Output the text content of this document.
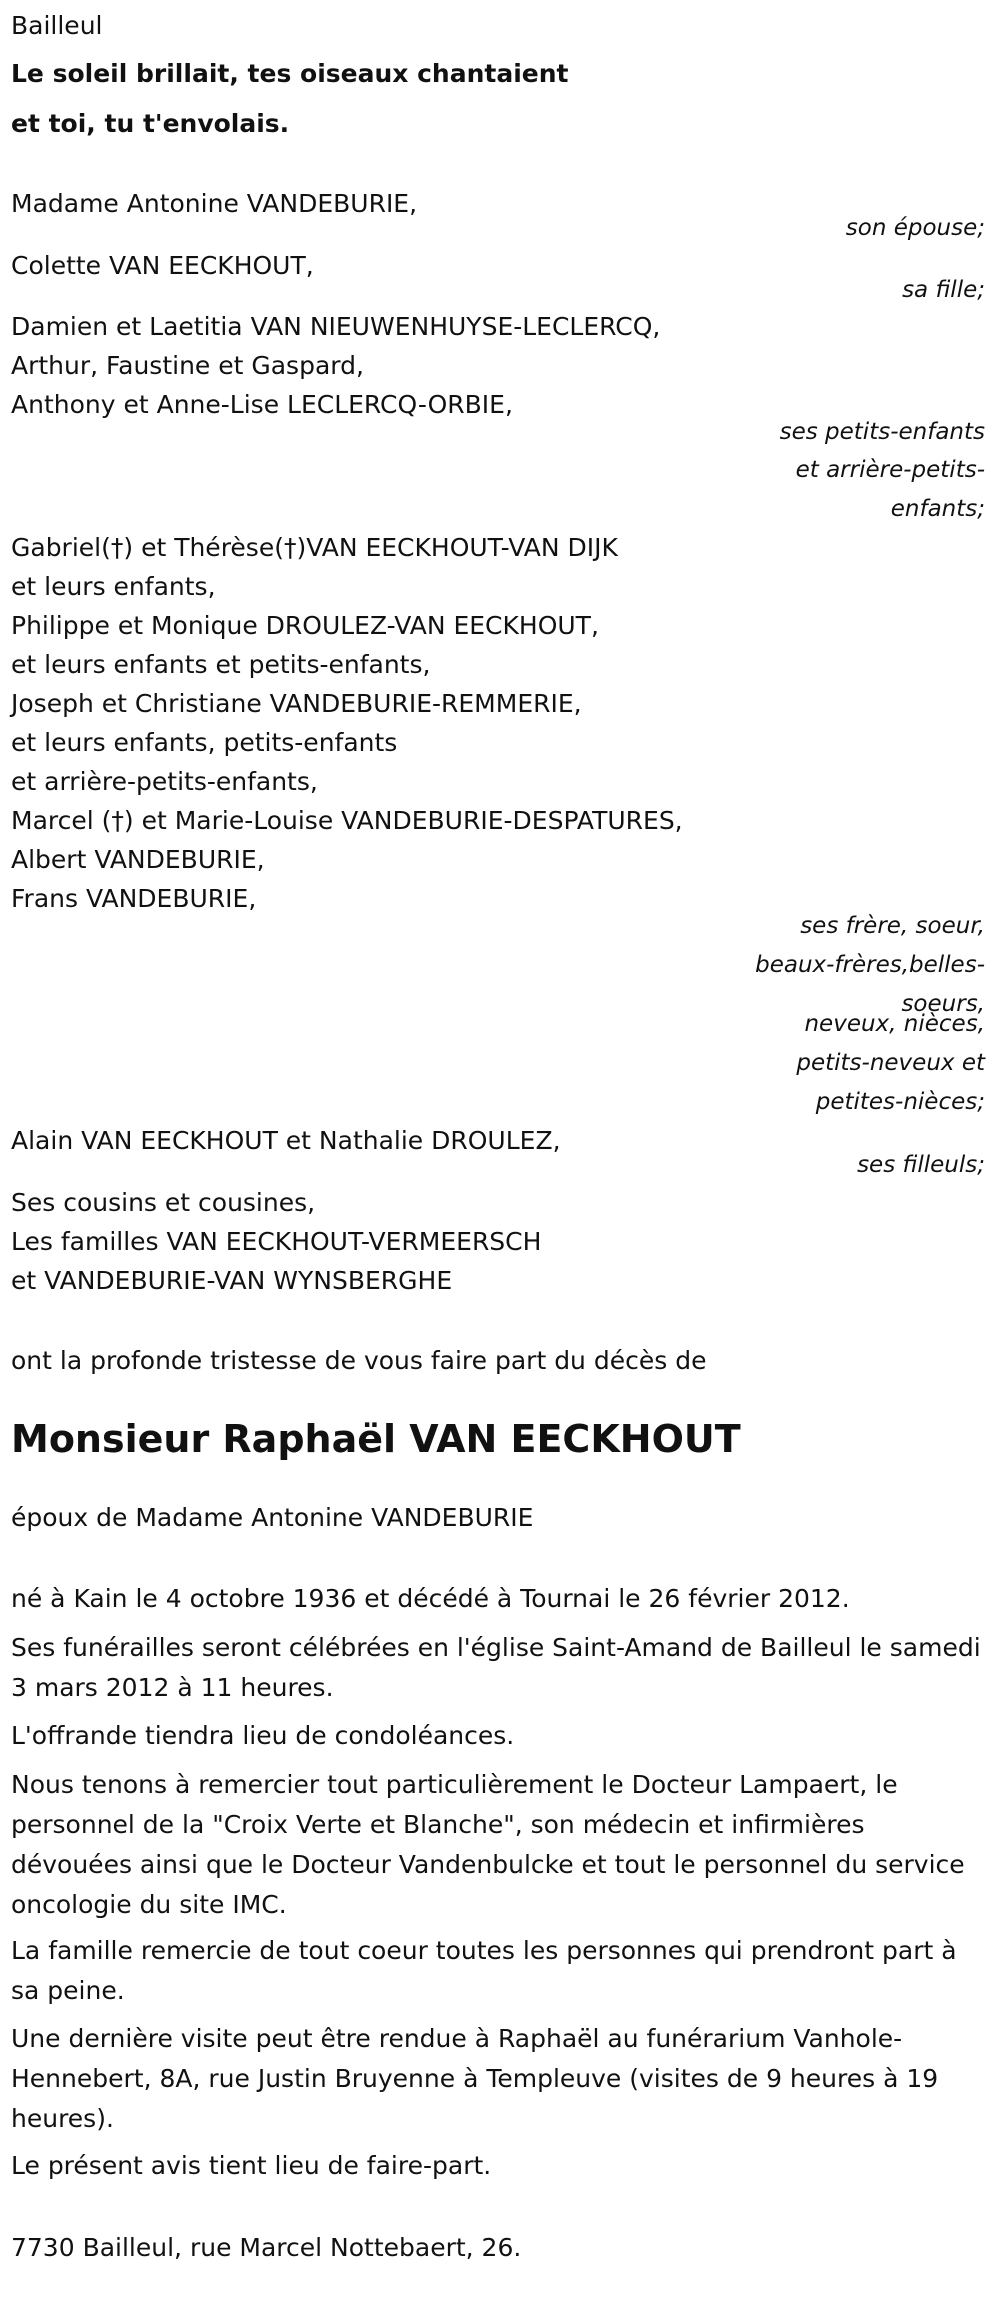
Bailleul

Le soleil brillait, tes oiseaux chantaient

et toi, tu t'envolais.

Madame Antonine VANDEBURIE,

son épouse;

Colette VAN EECKHOUT,

sa fille;

Damien et Laetitia VAN NIEUWENHUYSE-LECLERCQ,

Arthur, Faustine et Gaspard,

Anthony et Anne-Lise LECLERCQ-ORBIE,

ses petits-enfants

et arrière-petits-

enfants;

Gabriel(†) et Thérèse(†)VAN EECKHOUT-VAN DIJK

et leurs enfants,

Philippe et Monique DROULEZ-VAN EECKHOUT,

et leurs enfants et petits-enfants,

Joseph et Christiane VANDEBURIE-REMMERIE,

et leurs enfants, petits-enfants

et arrière-petits-enfants,

Marcel (†) et Marie-Louise VANDEBURIE-DESPATURES,

Albert VANDEBURIE,

Frans VANDEBURIE,

ses frère, soeur,

beaux-frères,belles-

soeurs,

neveux, nièces,

petits-neveux et

petites-nièces;

Alain VAN EECKHOUT et Nathalie DROULEZ,

ses filleuls;

Ses cousins et cousines,

Les familles VAN EECKHOUT-VERMEERSCH

et VANDEBURIE-VAN WYNSBERGHE

ont la profonde tristesse de vous faire part du décès de

Monsieur Raphaël VAN EECKHOUT

époux de Madame Antonine VANDEBURIE

né à Kain le 4 octobre 1936 et décédé à Tournai le 26 février 2012.

Ses funérailles seront célébrées en l'église Saint-Amand de Bailleul le samedi 3 mars 2012 à 11 heures.

L'offrande tiendra lieu de condoléances.

Nous tenons à remercier tout particulièrement le Docteur Lampaert, le personnel de la "Croix Verte et Blanche", son médecin et infirmières dévouées ainsi que le Docteur Vandenbulcke et tout le personnel du service oncologie du site IMC.

La famille remercie de tout coeur toutes les personnes qui prendront part à sa peine.

Une dernière visite peut être rendue à Raphaël au funérarium Vanhole-Hennebert, 8A, rue Justin Bruyenne à Templeuve (visites de 9 heures à 19 heures).

Le présent avis tient lieu de faire-part.

7730 Bailleul, rue Marcel Nottebaert, 26.
